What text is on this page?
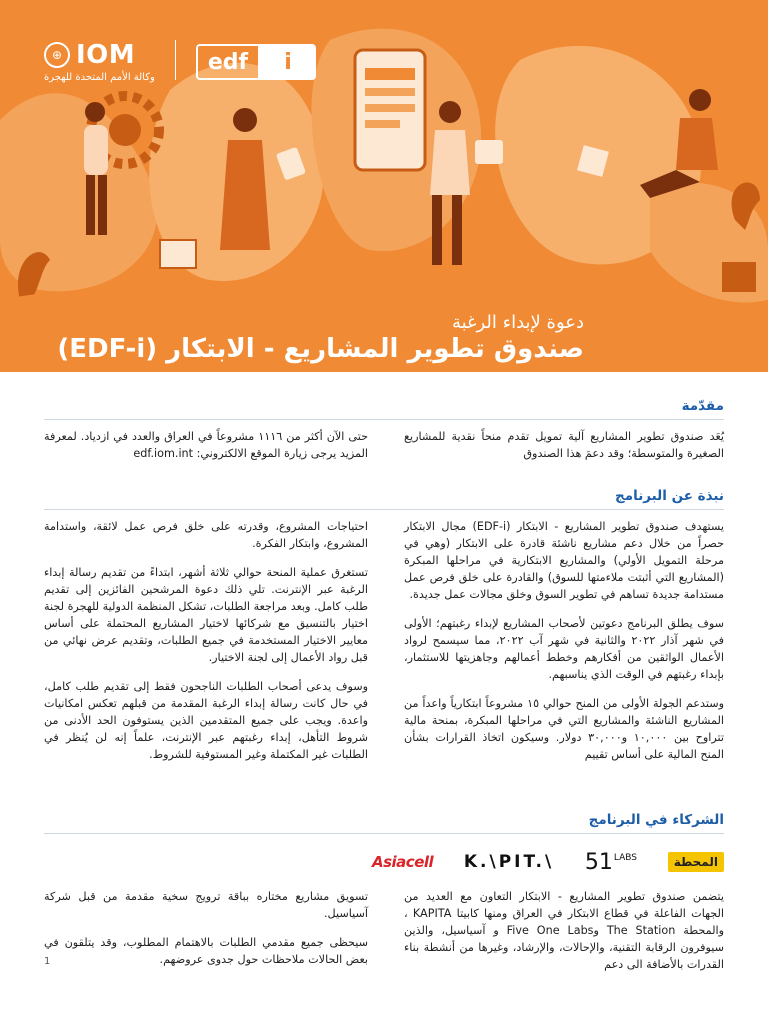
⊕ IOM
وكالة الأمم المتحدة للهجرة
edf	i
دعوة لإبداء الرغبة
صندوق تطوير المشاريع - الابتكار (EDF-i)
مقدّمة

يُعَد صندوق تطوير المشاريع آلية تمويل تقدم منحاً نقدية للمشاريع الصغيرة والمتوسطة؛ وقد دعمَ هذا الصندوق

حتى الآن أكثر من ١١١٦ مشروعاً في العراق والعدد في ازدياد. لمعرفة المزيد يرجى زيارة الموقع الالكتروني: edf.iom.int

نبذة عن البرنامج

يستهدف صندوق تطوير المشاريع - الابتكار (EDF-i) مجال الابتكار حصراً من خلال دعم مشاريع ناشئة قادرة على الابتكار (وهي في مرحلة التمويل الأولي) والمشاريع الابتكارية في مراحلها المبكرة (المشاريع التي أثبتت ملاءمتها للسوق) والقادرة على خلق فرص عمل مستدامة جديدة تساهم في تطوير السوق وخلق مجالات عمل جديدة.

سوف يطلق البرنامج دعوتين لأصحاب المشاريع لإبداء رغبتهم؛ الأولى في شهر آذار ٢٠٢٢ والثانية في شهر آب ٢٠٢٢، مما سيسمح لرواد الأعمال الواثقين من أفكارهم وخطط أعمالهم وجاهزيتها للاستثمار، بإبداء رغبتهم في الوقت الذي يناسبهم.

وستدعم الجولة الأولى من المنح حوالي ١٥ مشروعاً ابتكارياً واعداً من المشاريع الناشئة والمشاريع التي في مراحلها المبكرة، بمنحة مالية تتراوح بين ١٠,٠٠٠ و٣٠,٠٠٠ دولار. وسيكون اتخاذ القرارات بشأن المنح المالية على أساس تقييم

احتياجات المشروع، وقدرته على خلق فرص عمل لائقة، واستدامة المشروع، وابتكار الفكرة.

تستغرق عملية المنحة حوالي ثلاثة أشهر، ابتداءً من تقديم رسالة إبداء الرغبة عبر الإنترنت. تلي ذلك دعوة المرشحين الفائزين إلى تقديم طلب كامل. وبعد مراجعة الطلبات، تشكل المنظمة الدولية للهجرة لجنة اختيار بالتنسيق مع شركائها لاختيار المشاريع المحتملة على أساس معايير الاختيار المستخدمة في جميع الطلبات، وتقديم عرض نهائي من قبل رواد الأعمال إلى لجنة الاختيار.

وسوف يدعى أصحاب الطلبات الناجحون فقط إلى تقديم طلب كامل، في حال كانت رسالة إبداء الرغبة المقدمة من قبلهم تعكس امكانيات واعدة. ويجب على جميع المتقدمين الذين يستوفون الحد الأدنى من شروط التأهل، إبداء رغبتهم عبر الإنترنت، علماً إنه لن يُنظر في الطلبات غير المكتملة وغير المستوفية للشروط.

الشركاء في البرنامج
Asiacell K.\PIT.\ 51 LABS	المحطة

يتضمن صندوق تطوير المشاريع - الابتكار التعاون مع العديد من الجهات الفاعلة في قطاع الابتكار في العراق ومنها كابيتا KAPITA ، والمحطة The Station وFive One Labs و آسياسيل، والذين سيوفرون الرقابة التقنية، والإحالات، والإرشاد، وغيرها من أنشطة بناء القدرات بالأضافة الى دعم

تسويق مشاريع مختاره بباقة ترويج سخية مقدمة من قبل شركة آسياسيل.

سيحظى جميع مقدمي الطلبات بالاهتمام المطلوب، وقد يتلقون في بعض الحالات ملاحظات حول جدوى عروضهم.

1
